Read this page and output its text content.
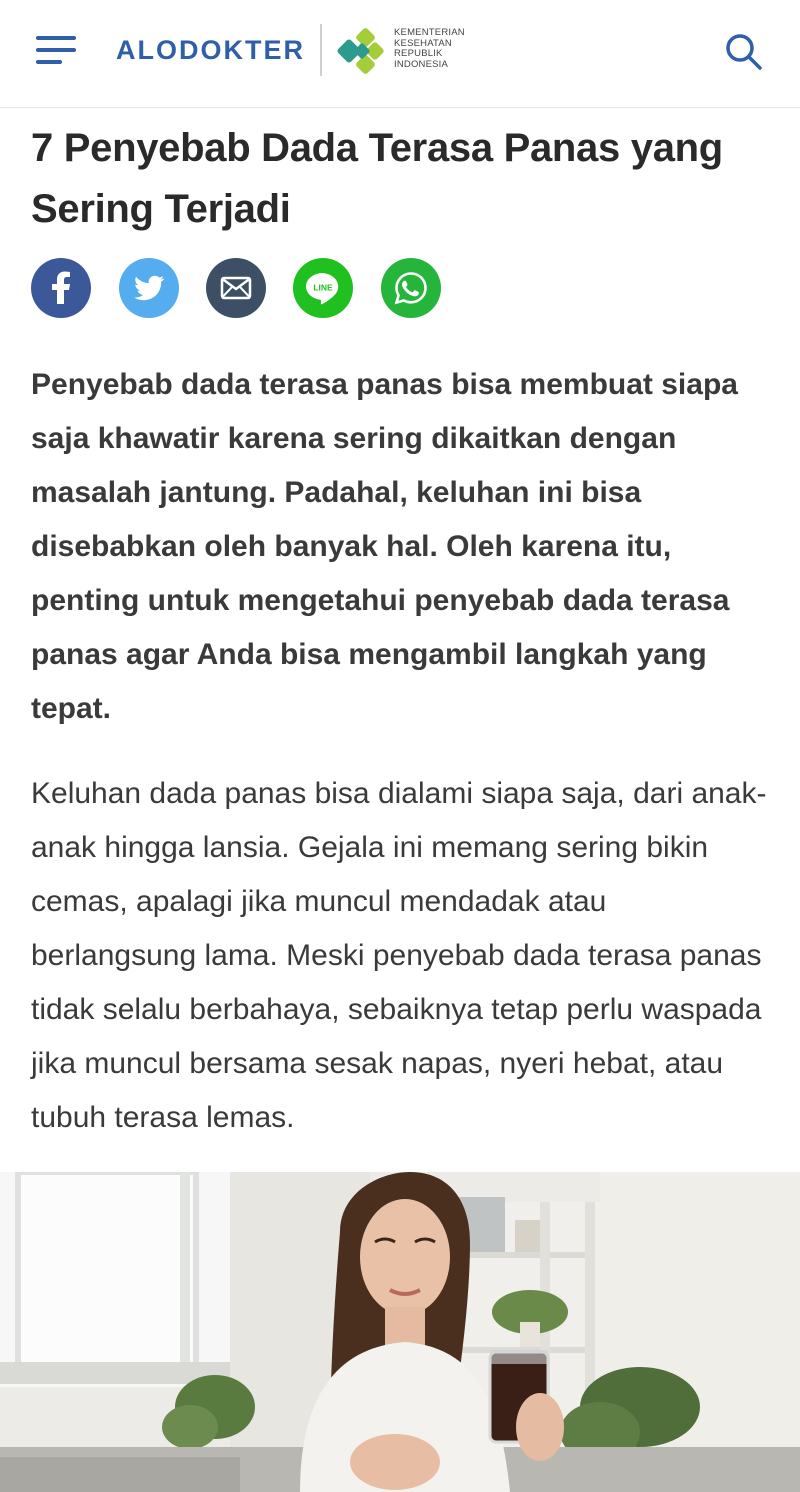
ALODOKTER
KEMENTERIAN
KESEHATAN
REPUBLIK
INDONESIA
7 Penyebab Dada Terasa Panas yang Sering Terjadi
LINE

Penyebab dada terasa panas bisa membuat siapa saja khawatir karena sering dikaitkan dengan masalah jantung. Padahal, keluhan ini bisa disebabkan oleh banyak hal. Oleh karena itu, penting untuk mengetahui penyebab dada terasa panas agar Anda bisa mengambil langkah yang tepat.

Keluhan dada panas bisa dialami siapa saja, dari anak-anak hingga lansia. Gejala ini memang sering bikin cemas, apalagi jika muncul mendadak atau berlangsung lama. Meski penyebab dada terasa panas tidak selalu berbahaya, sebaiknya tetap perlu waspada jika muncul bersama sesak napas, nyeri hebat, atau tubuh terasa lemas.
